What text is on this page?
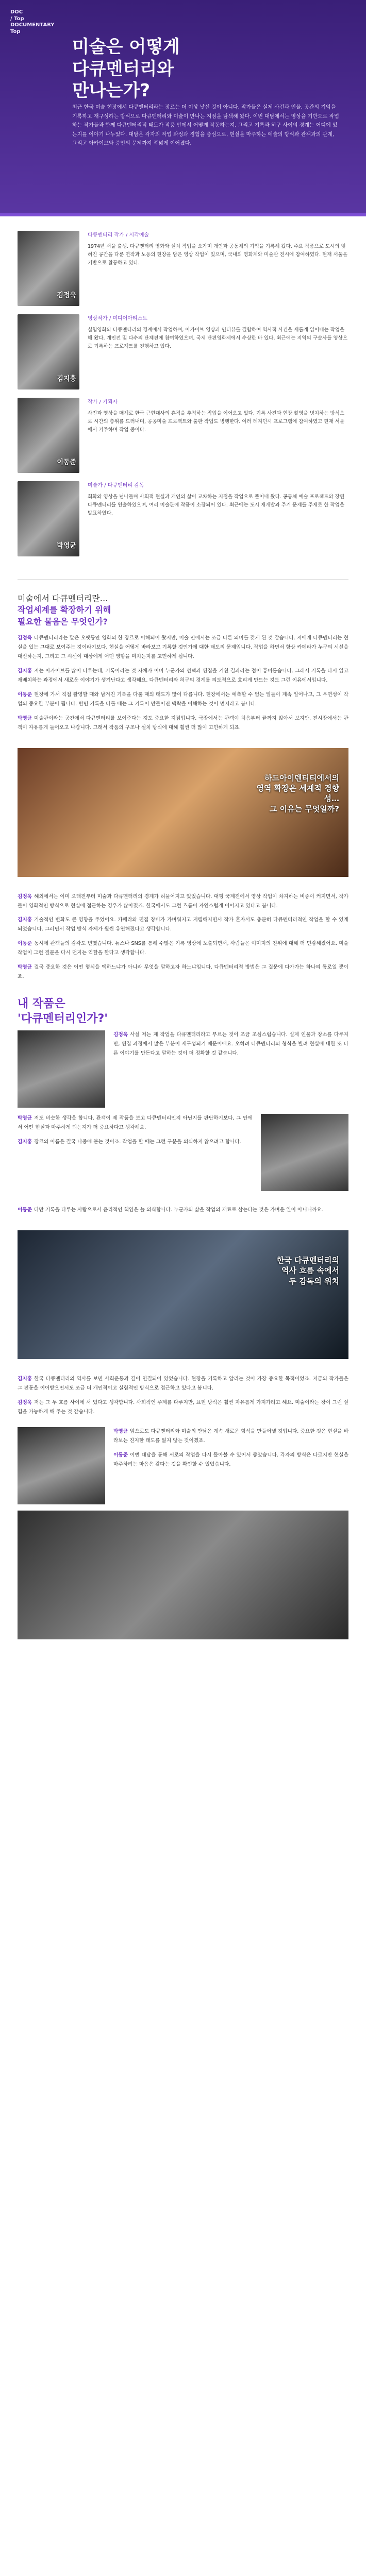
DOC
/ Top
DOCUMENTARY
Top
미술은 어떻게
다큐멘터리와
만나는가?
최근 한국 미술 현장에서 다큐멘터리라는 장르는 더 이상 낯선 것이 아니다. 작가들은 실제 사건과 인물, 공간의 기억을 기록하고 재구성하는 방식으로 다큐멘터리와 미술이 만나는 지점을 탐색해 왔다. 이번 대담에서는 영상을 기반으로 작업하는 작가들과 함께 다큐멘터리적 태도가 작품 안에서 어떻게 작동하는지, 그리고 기록과 허구 사이의 경계는 어디에 있는지를 이야기 나누었다. 대담은 각자의 작업 과정과 경험을 중심으로, 현실을 마주하는 예술의 방식과 관객과의 관계, 그리고 아카이브와 증언의 문제까지 폭넓게 이어졌다.
김정욱
다큐멘터리 작가 / 시각예술
1974년 서울 출생. 다큐멘터리 영화와 설치 작업을 오가며 개인과 공동체의 기억을 기록해 왔다. 주요 작품으로 도시의 잊혀진 공간을 다룬 연작과 노동의 현장을 담은 영상 작업이 있으며, 국내외 영화제와 미술관 전시에 참여하였다. 현재 서울을 기반으로 활동하고 있다.
김지홍
영상작가 / 미디어아티스트
실험영화와 다큐멘터리의 경계에서 작업하며, 아카이브 영상과 인터뷰를 결합하여 역사적 사건을 새롭게 읽어내는 작업을 해 왔다. 개인전 및 다수의 단체전에 참여하였으며, 국제 단편영화제에서 수상한 바 있다. 최근에는 지역의 구술사를 영상으로 기록하는 프로젝트를 진행하고 있다.
이동준
작가 / 기획자
사진과 영상을 매체로 한국 근현대사의 흔적을 추적하는 작업을 이어오고 있다. 기록 사진과 현장 촬영을 병치하는 방식으로 시간의 층위를 드러내며, 공공미술 프로젝트와 출판 작업도 병행한다. 여러 레지던시 프로그램에 참여하였고 현재 서울에서 거주하며 작업 중이다.
박영균
미술가 / 다큐멘터리 감독
회화와 영상을 넘나들며 사회적 현실과 개인의 삶이 교차하는 지점을 작업으로 풀어내 왔다. 공동체 예술 프로젝트와 장편 다큐멘터리를 연출하였으며, 여러 미술관에 작품이 소장되어 있다. 최근에는 도시 재개발과 주거 문제를 주제로 한 작업을 발표하였다.
미술에서 다큐멘터리란…
작업세계를 확장하기 위해
필요한 물음은 무엇인가?

김정욱 다큐멘터리라는 말은 오랫동안 영화의 한 장르로 이해되어 왔지만, 미술 안에서는 조금 다른 의미를 갖게 된 것 같습니다. 저에게 다큐멘터리는 현실을 있는 그대로 보여주는 것이라기보다, 현실을 어떻게 바라보고 기록할 것인가에 대한 태도의 문제입니다. 작업을 하면서 항상 카메라가 누구의 시선을 대신하는지, 그리고 그 시선이 대상에게 어떤 영향을 미치는지를 고민하게 됩니다.

김지홍 저는 아카이브를 많이 다루는데, 기록이라는 것 자체가 이미 누군가의 선택과 편집을 거친 결과라는 점이 흥미롭습니다. 그래서 기록을 다시 읽고 재배치하는 과정에서 새로운 이야기가 생겨난다고 생각해요. 다큐멘터리와 허구의 경계를 의도적으로 흐리게 만드는 것도 그런 이유에서입니다.

이동준 현장에 가서 직접 촬영할 때와 남겨진 기록을 다룰 때의 태도가 많이 다릅니다. 현장에서는 예측할 수 없는 일들이 계속 일어나고, 그 우연성이 작업의 중요한 부분이 됩니다. 반면 기록을 다룰 때는 그 기록이 만들어진 맥락을 이해하는 것이 먼저라고 봅니다.

박영균 미술관이라는 공간에서 다큐멘터리를 보여준다는 것도 중요한 지점입니다. 극장에서는 관객이 처음부터 끝까지 앉아서 보지만, 전시장에서는 관객이 자유롭게 들어오고 나갑니다. 그래서 작품의 구조나 설치 방식에 대해 훨씬 더 많이 고민하게 되죠.

하드아이덴티티에서의
영역 확장은 세계적 경향성…
그 이유는 무엇일까?

김정욱 해외에서는 이미 오래전부터 미술과 다큐멘터리의 경계가 허물어지고 있었습니다. 대형 국제전에서 영상 작업이 차지하는 비중이 커지면서, 작가들이 영화적인 방식으로 현실에 접근하는 경우가 많아졌죠. 한국에서도 그런 흐름이 자연스럽게 이어지고 있다고 봅니다.

김지홍 기술적인 변화도 큰 영향을 주었어요. 카메라와 편집 장비가 가벼워지고 저렴해지면서 작가 혼자서도 충분히 다큐멘터리적인 작업을 할 수 있게 되었습니다. 그러면서 작업 방식 자체가 훨씬 유연해졌다고 생각합니다.

이동준 동시에 관객들의 감각도 변했습니다. 뉴스나 SNS를 통해 수많은 기록 영상에 노출되면서, 사람들은 이미지의 진위에 대해 더 민감해졌어요. 미술 작업이 그런 질문을 다시 던지는 역할을 한다고 생각합니다.

박영균 결국 중요한 것은 어떤 형식을 택하느냐가 아니라 무엇을 말하고자 하느냐입니다. 다큐멘터리적 방법은 그 질문에 다가가는 하나의 통로일 뿐이죠.

내 작품은
'다큐멘터리인가?'

김정욱 사실 저는 제 작업을 다큐멘터리라고 부르는 것이 조금 조심스럽습니다. 실제 인물과 장소를 다루지만, 편집 과정에서 많은 부분이 재구성되기 때문이에요. 오히려 다큐멘터리의 형식을 빌려 현실에 대한 또 다른 이야기를 만든다고 말하는 것이 더 정확할 것 같습니다.

박영균 저도 비슷한 생각을 합니다. 관객이 제 작품을 보고 다큐멘터리인지 아닌지를 판단하기보다, 그 안에서 어떤 현실과 마주하게 되는지가 더 중요하다고 생각해요.

김지홍 장르의 이름은 결국 나중에 붙는 것이죠. 작업을 할 때는 그런 구분을 의식하지 않으려고 합니다.

이동준 다만 기록을 다루는 사람으로서 윤리적인 책임은 늘 의식합니다. 누군가의 삶을 작업의 재료로 삼는다는 것은 가벼운 일이 아니니까요.

한국 다큐멘터리의
역사 흐름 속에서
두 감독의 위치

김지홍 한국 다큐멘터리의 역사를 보면 사회운동과 깊이 연결되어 있었습니다. 현장을 기록하고 알리는 것이 가장 중요한 목적이었죠. 지금의 작가들은 그 전통을 이어받으면서도 조금 더 개인적이고 실험적인 방식으로 접근하고 있다고 봅니다.

김정욱 저는 그 두 흐름 사이에 서 있다고 생각합니다. 사회적인 주제를 다루지만, 표현 방식은 훨씬 자유롭게 가져가려고 해요. 미술이라는 장이 그런 실험을 가능하게 해 주는 것 같습니다.

박영균 앞으로도 다큐멘터리와 미술의 만남은 계속 새로운 형식을 만들어낼 것입니다. 중요한 것은 현실을 바라보는 진지한 태도를 잃지 않는 것이겠죠.

이동준 이번 대담을 통해 서로의 작업을 다시 돌아볼 수 있어서 좋았습니다. 각자의 방식은 다르지만 현실을 마주하려는 마음은 같다는 것을 확인할 수 있었습니다.
